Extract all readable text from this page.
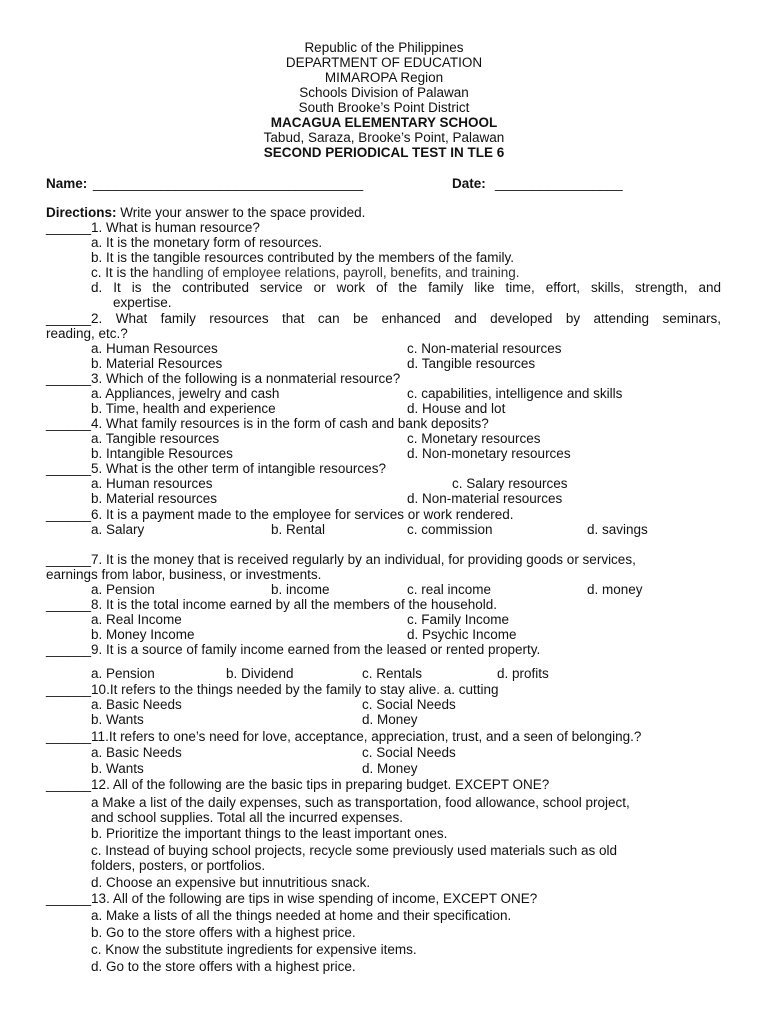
Republic of the Philippines
DEPARTMENT OF EDUCATION
MIMAROPA Region
Schools Division of Palawan
South Brooke’s Point District
MACAGUA ELEMENTARY SCHOOL
Tabud, Saraza, Brooke’s Point, Palawan
SECOND PERIODICAL TEST IN TLE 6
Name: ____________________________________	Date: _________________
Directions: Write your answer to the space provided.
______1. What is human resource?
a. It is the monetary form of resources.
b. It is the tangible resources contributed by the members of the family.
c. It is the handling of employee relations, payroll, benefits, and training.
d. It is the contributed service or work of the family like time, effort, skills, strength, and
expertise.
______2. What family resources that can be enhanced and developed by attending seminars,
reading, etc.?
a. Human Resources	c. Non-material resources
b. Material Resources	d. Tangible resources
______3. Which of the following is a nonmaterial resource?
a. Appliances, jewelry and cash	c. capabilities, intelligence and skills
b. Time, health and experience	d. House and lot
______4. What family resources is in the form of cash and bank deposits?
a. Tangible resources	c. Monetary resources
b. Intangible Resources	d. Non-monetary resources
______5. What is the other term of intangible resources?
a. Human resources	c. Salary resources
b. Material resources	d. Non-material resources
______6. It is a payment made to the employee for services or work rendered.
a. Salary	b. Rental	c. commission	d. savings
______7. It is the money that is received regularly by an individual, for providing goods or services,
earnings from labor, business, or investments.
a. Pension	b. income	c. real income	d. money
______8. It is the total income earned by all the members of the household.
a. Real Income	c. Family Income
b. Money Income	d. Psychic Income
______9. It is a source of family income earned from the leased or rented property.
a. Pension	b. Dividend	c. Rentals	d. profits
______10.It refers to the things needed by the family to stay alive. a. cutting
a. Basic Needs	c. Social Needs
b. Wants	d. Money
______11.It refers to one’s need for love, acceptance, appreciation, trust, and a seen of belonging.?
a. Basic Needs	c. Social Needs
b. Wants	d. Money
______12. All of the following are the basic tips in preparing budget. EXCEPT ONE?
a Make a list of the daily expenses, such as transportation, food allowance, school project,
and school supplies. Total all the incurred expenses.
b. Prioritize the important things to the least important ones.
c. Instead of buying school projects, recycle some previously used materials such as old
folders, posters, or portfolios.
d. Choose an expensive but innutritious snack.
______13. All of the following are tips in wise spending of income, EXCEPT ONE?
a. Make a lists of all the things needed at home and their specification.
b. Go to the store offers with a highest price.
c. Know the substitute ingredients for expensive items.
d. Go to the store offers with a highest price.
